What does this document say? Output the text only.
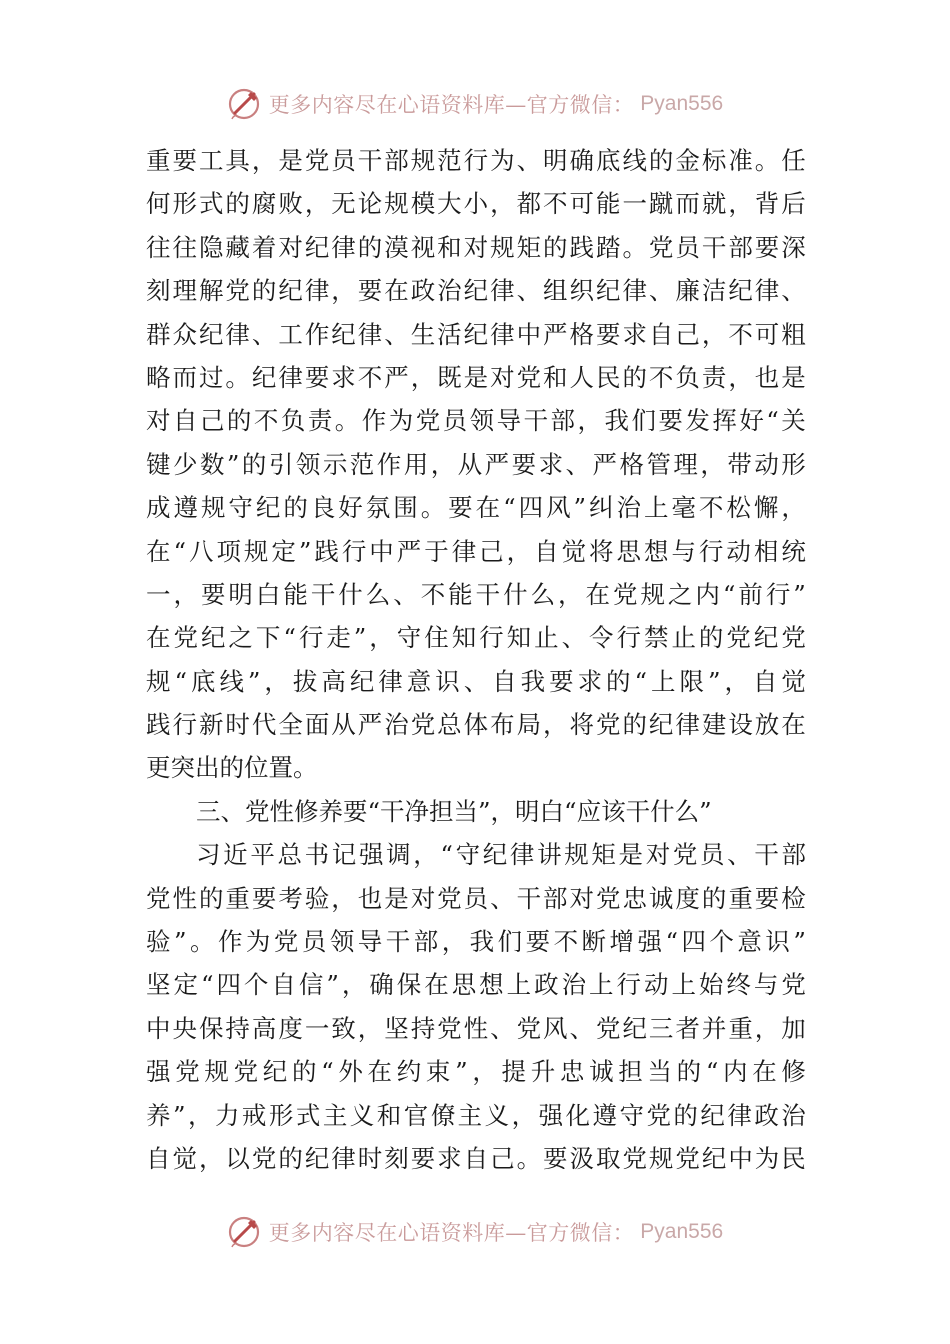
更多内容尽在心语资料库—官方微信： Pyan556
重 要 工 具 ， 是 党 员 干 部 规 范 行 为 、 明 确 底 线 的 金 标 准 。 任
何 形 式 的 腐 败 ， 无 论 规 模 大 小 ， 都 不 可 能 一 蹴 而 就 ， 背 后
往 往 隐 藏 着 对 纪 律 的 漠 视 和 对 规 矩 的 践 踏 。 党 员 干 部 要 深
刻 理 解 党 的 纪 律 ， 要 在 政 治 纪 律 、 组 织 纪 律 、 廉 洁 纪 律 、
群 众 纪 律 、 工 作 纪 律 、 生 活 纪 律 中 严 格 要 求 自 己 ， 不 可 粗
略 而 过 。 纪 律 要 求 不 严 ， 既 是 对 党 和 人 民 的 不 负 责 ， 也 是
对 自 己 的 不 负 责 。 作 为 党 员 领 导 干 部 ， 我 们 要 发 挥 好 “ 关
键 少 数 ” 的 引 领 示 范 作 用 ， 从 严 要 求 、 严 格 管 理 ， 带 动 形
成 遵 规 守 纪 的 良 好 氛 围 。 要 在 “ 四 风 ” 纠 治 上 毫 不 松 懈 ，
在 “ 八 项 规 定 ” 践 行 中 严 于 律 己 ， 自 觉 将 思 想 与 行 动 相 统
一 ， 要 明 白 能 干 什 么 、 不 能 干 什 么 ， 在 党 规 之 内 “ 前 行 ”
在 党 纪 之 下 “ 行 走 ” ， 守 住 知 行 知 止 、 令 行 禁 止 的 党 纪 党
规 “ 底 线 ” ， 拔 高 纪 律 意 识 、 自 我 要 求 的 “ 上 限 ” ， 自 觉
践 行 新 时 代 全 面 从 严 治 党 总 体 布 局 ， 将 党 的 纪 律 建 设 放 在
更突出的位置。
三、党性修养要“干净担当”，明白“应该干什么”
习 近 平 总 书 记 强 调 ， “ 守 纪 律 讲 规 矩 是 对 党 员 、 干 部
党 性 的 重 要 考 验 ， 也 是 对 党 员 、 干 部 对 党 忠 诚 度 的 重 要 检
验 ” 。 作 为 党 员 领 导 干 部 ， 我 们 要 不 断 增 强 “ 四 个 意 识 ”
坚 定 “ 四 个 自 信 ” ， 确 保 在 思 想 上 政 治 上 行 动 上 始 终 与 党
中 央 保 持 高 度 一 致 ， 坚 持 党 性 、 党 风 、 党 纪 三 者 并 重 ， 加
强 党 规 党 纪 的 “ 外 在 约 束 ” ， 提 升 忠 诚 担 当 的 “ 内 在 修
养 ” ， 力 戒 形 式 主 义 和 官 僚 主 义 ， 强 化 遵 守 党 的 纪 律 政 治
自 觉 ， 以 党 的 纪 律 时 刻 要 求 自 己 。 要 汲 取 党 规 党 纪 中 为 民
更多内容尽在心语资料库—官方微信： Pyan556
